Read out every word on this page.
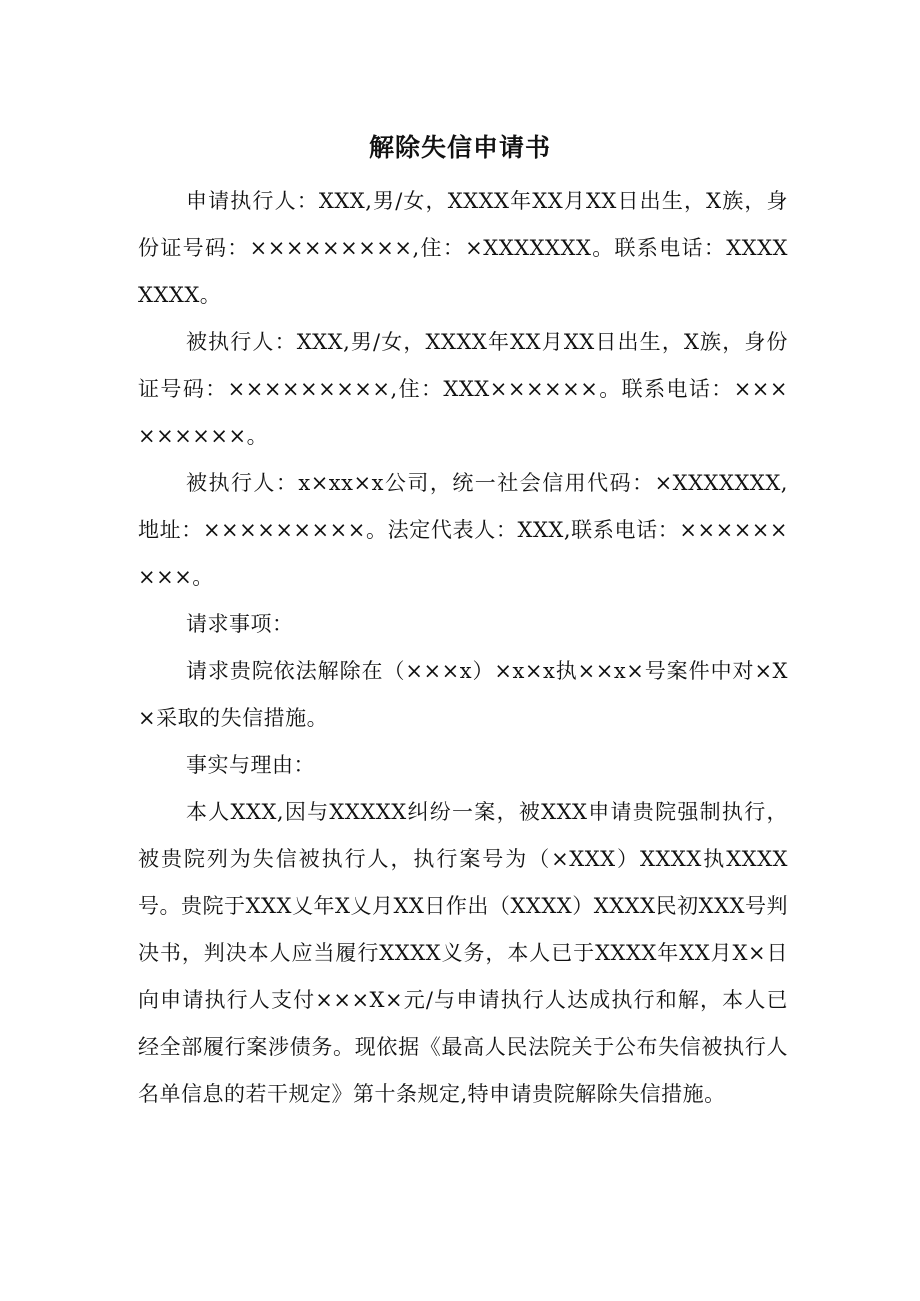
解除失信申请书

申请执行人：XXX,男/女，XXXX年XX月XX日出生，X族，身份证号码：×××××××××,住：×XXXXXXX。联系电话：XXXXXXXX。

被执行人：XXX,男/女，XXXX年XX月XX日出生，X族，身份证号码：×××××××××,住：XXX××××××。联系电话：×××××××××。

被执行人：x×xx×x公司，统一社会信用代码：×XXXXXXX,地址：×××××××××。法定代表人：XXX,联系电话：×××××××××。

请求事项：

请求贵院依法解除在（×××x）×x×x执××x×号案件中对×X×采取的失信措施。

事实与理由：

本人XXX,因与XXXXX纠纷一案，被XXX申请贵院强制执行，被贵院列为失信被执行人，执行案号为（×XXX）XXXX执XXXX号。贵院于XXX乂年X乂月XX日作出（XXXX）XXXX民初XXX号判决书，判决本人应当履行XXXX义务，本人已于XXXX年XX月X×日向申请执行人支付×××X×元/与申请执行人达成执行和解，本人已经全部履行案涉债务。现依据《最高人民法院关于公布失信被执行人名单信息的若干规定》第十条规定,特申请贵院解除失信措施。
